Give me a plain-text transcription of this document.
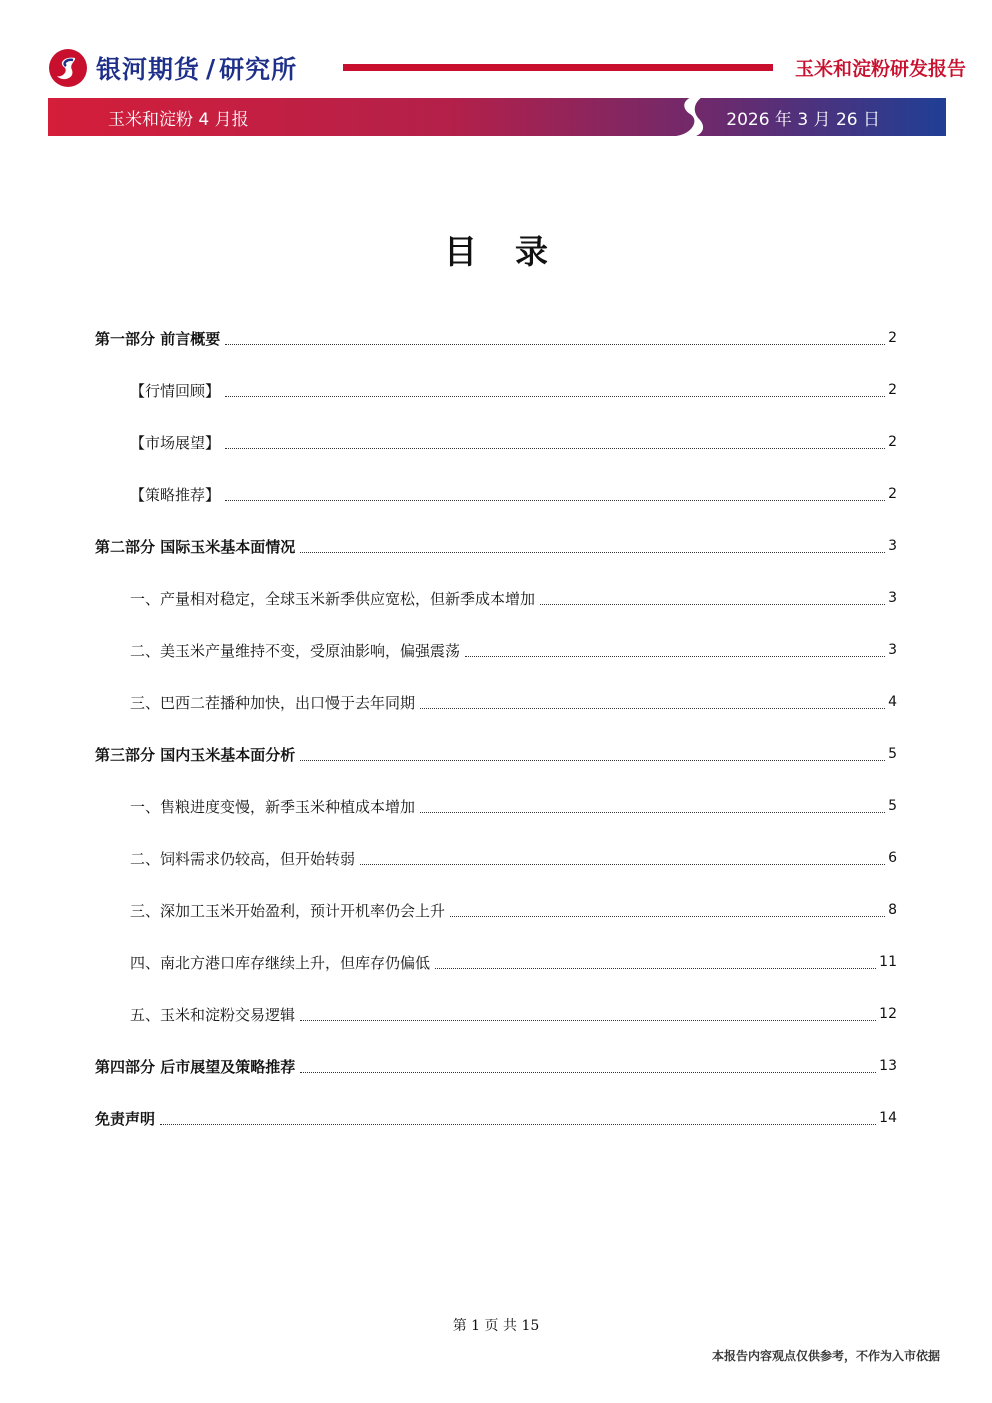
银河期货 / 研究所	玉米和淀粉研发报告
玉米和淀粉 4 月报	2026 年 3 月 26 日
目录
第一部分 前言概要	2
【行情回顾】	2
【市场展望】	2
【策略推荐】	2
第二部分 国际玉米基本面情况	3
一、产量相对稳定，全球玉米新季供应宽松，但新季成本增加	3
二、美玉米产量维持不变，受原油影响，偏强震荡	3
三、巴西二茬播种加快，出口慢于去年同期	4
第三部分 国内玉米基本面分析	5
一、售粮进度变慢，新季玉米种植成本增加	5
二、饲料需求仍较高，但开始转弱	6
三、深加工玉米开始盈利，预计开机率仍会上升	8
四、南北方港口库存继续上升，但库存仍偏低	11
五、玉米和淀粉交易逻辑	12
第四部分 后市展望及策略推荐	13
免责声明	14
第 1 页 共 15
本报告内容观点仅供参考，不作为入市依据
